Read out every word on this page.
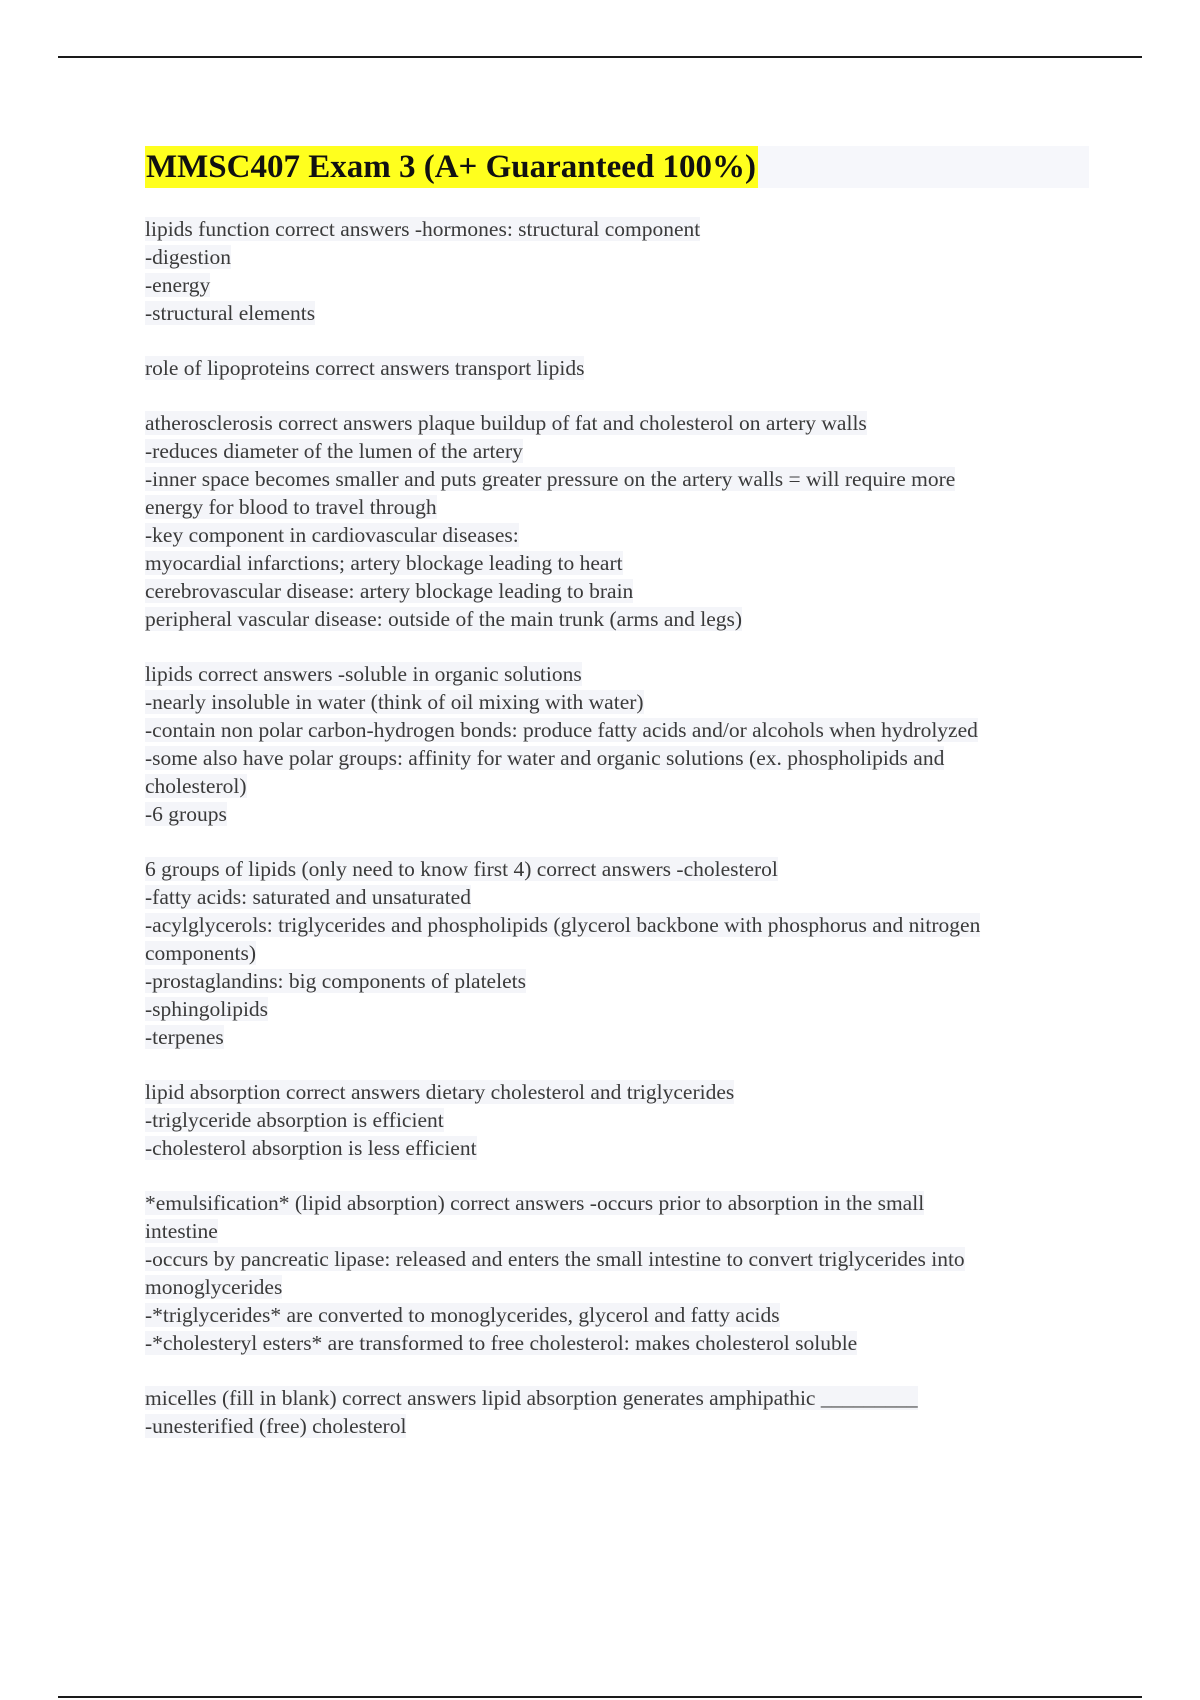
MMSC407 Exam 3 (A+ Guaranteed 100%)
lipids function correct answers -hormones: structural component
-digestion
-energy
-structural elements
role of lipoproteins correct answers transport lipids
atherosclerosis correct answers plaque buildup of fat and cholesterol on artery walls
-reduces diameter of the lumen of the artery
-inner space becomes smaller and puts greater pressure on the artery walls = will require more
energy for blood to travel through
-key component in cardiovascular diseases:
myocardial infarctions; artery blockage leading to heart
cerebrovascular disease: artery blockage leading to brain
peripheral vascular disease: outside of the main trunk (arms and legs)
lipids correct answers -soluble in organic solutions
-nearly insoluble in water (think of oil mixing with water)
-contain non polar carbon-hydrogen bonds: produce fatty acids and/or alcohols when hydrolyzed
-some also have polar groups: affinity for water and organic solutions (ex. phospholipids and
cholesterol)
-6 groups
6 groups of lipids (only need to know first 4) correct answers -cholesterol
-fatty acids: saturated and unsaturated
-acylglycerols: triglycerides and phospholipids (glycerol backbone with phosphorus and nitrogen
components)
-prostaglandins: big components of platelets
-sphingolipids
-terpenes
lipid absorption correct answers dietary cholesterol and triglycerides
-triglyceride absorption is efficient
-cholesterol absorption is less efficient
*emulsification* (lipid absorption) correct answers -occurs prior to absorption in the small
intestine
-occurs by pancreatic lipase: released and enters the small intestine to convert triglycerides into
monoglycerides
-*triglycerides* are converted to monoglycerides, glycerol and fatty acids
-*cholesteryl esters* are transformed to free cholesterol: makes cholesterol soluble
micelles (fill in blank) correct answers lipid absorption generates amphipathic _________
-unesterified (free) cholesterol
